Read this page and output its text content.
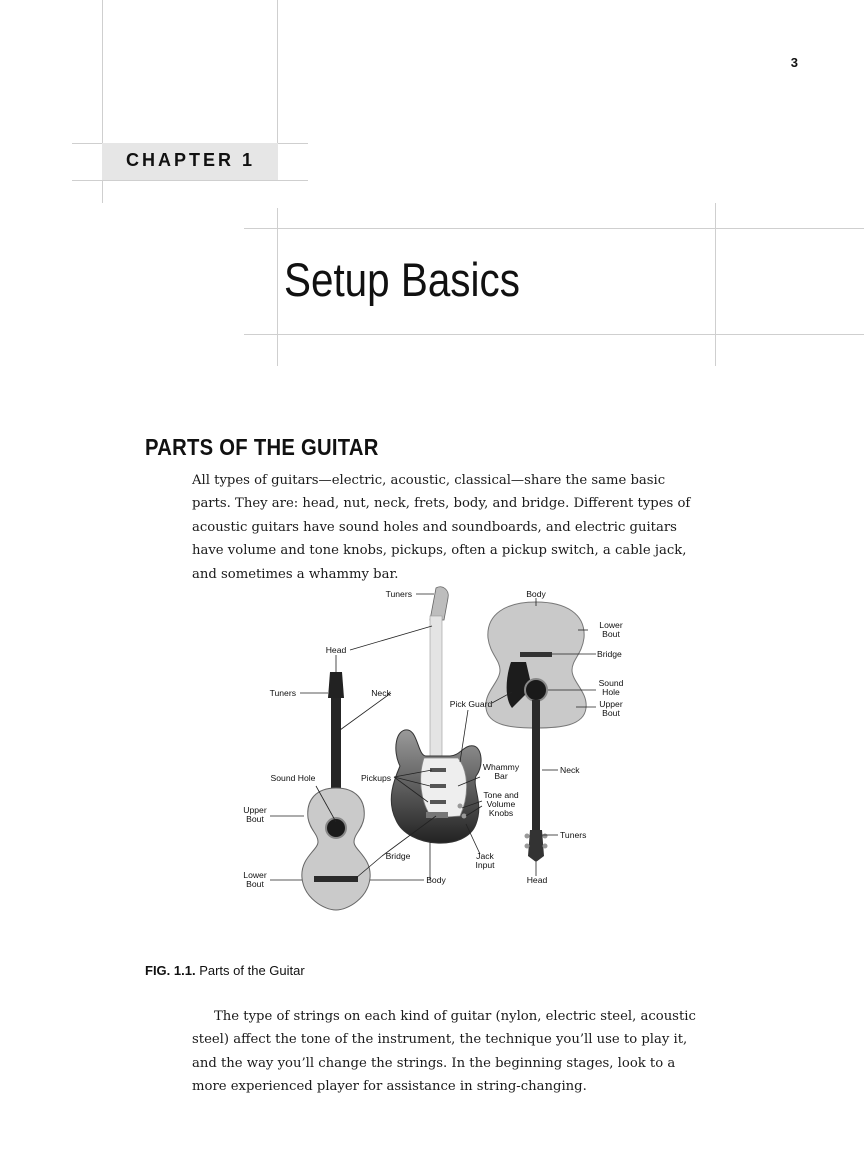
3
CHAPTER 1
Setup Basics
PARTS OF THE GUITAR

All types of guitars—electric, acoustic, classical—share the same basic parts. They are: head, nut, neck, frets, body, and bridge. Different types of acoustic guitars have sound holes and soundboards, and electric guitars have volume and tone knobs, pickups, often a pickup switch, a cable jack, and sometimes a whammy bar.

Tuners	Body
Lower Bout
Bridge
Head
Sound Hole
Upper Bout
Tuners	Neck
Pick Guard
Whammy Bar
Neck
Sound Hole	Pickups
Tone and Volume Knobs
Upper Bout
Tuners
Bridge	Jack Input
Lower Bout	Body	Head
FIG. 1.1. Parts of the Guitar

The type of strings on each kind of guitar (nylon, electric steel, acoustic steel) affect the tone of the instrument, the technique you’ll use to play it, and the way you’ll change the strings. In the beginning stages, look to a more experienced player for assistance in string-changing.
